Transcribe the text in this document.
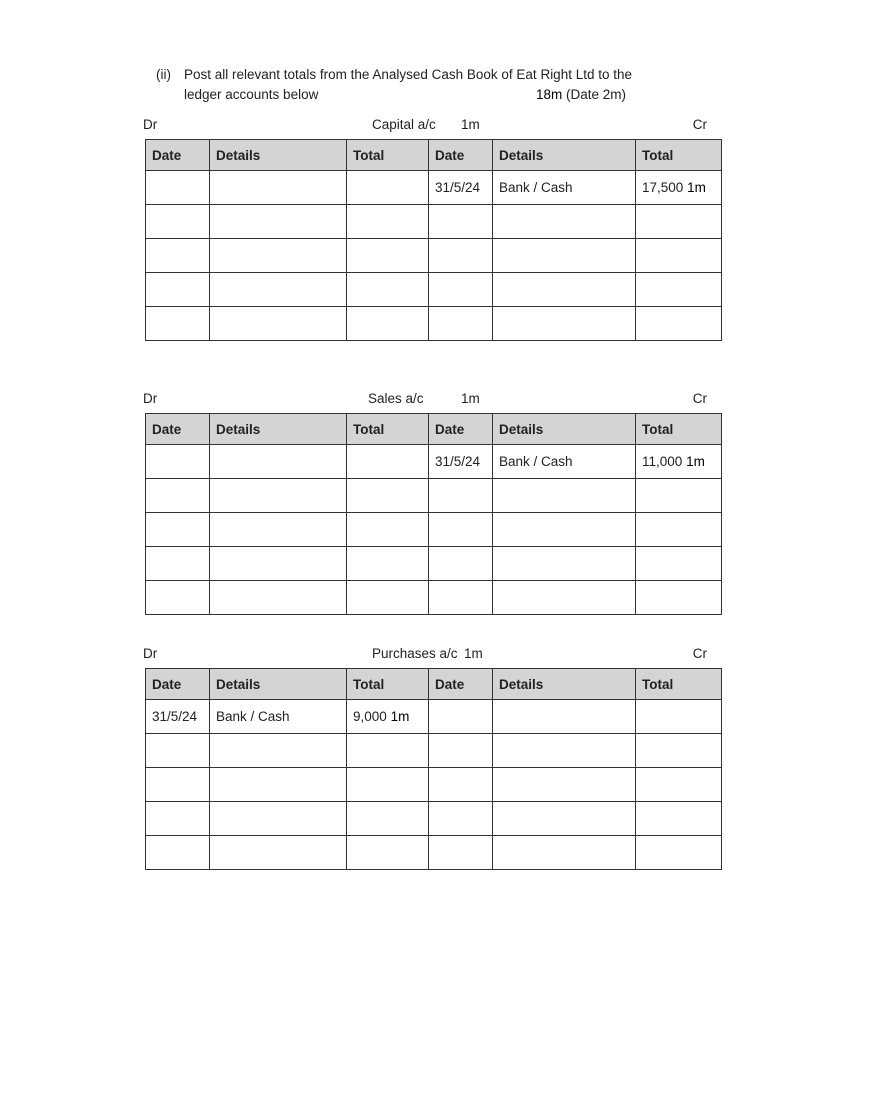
(ii) Post all relevant totals from the Analysed Cash Book of Eat Right Ltd to the
ledger accounts below	18m (Date 2m)
Dr	Capital a/c 1m	Cr
Date	Details	Total	Date	Details	Total
			31/5/24	Bank / Cash	17,500 1m

Dr	Sales a/c	1m	Cr
Date	Details	Total	Date	Details	Total
			31/5/24	Bank / Cash	11,000 1m

Dr	Purchases a/c 1m	Cr
Date	Details	Total	Date	Details	Total
31/5/24	Bank / Cash	9,000 1m			
